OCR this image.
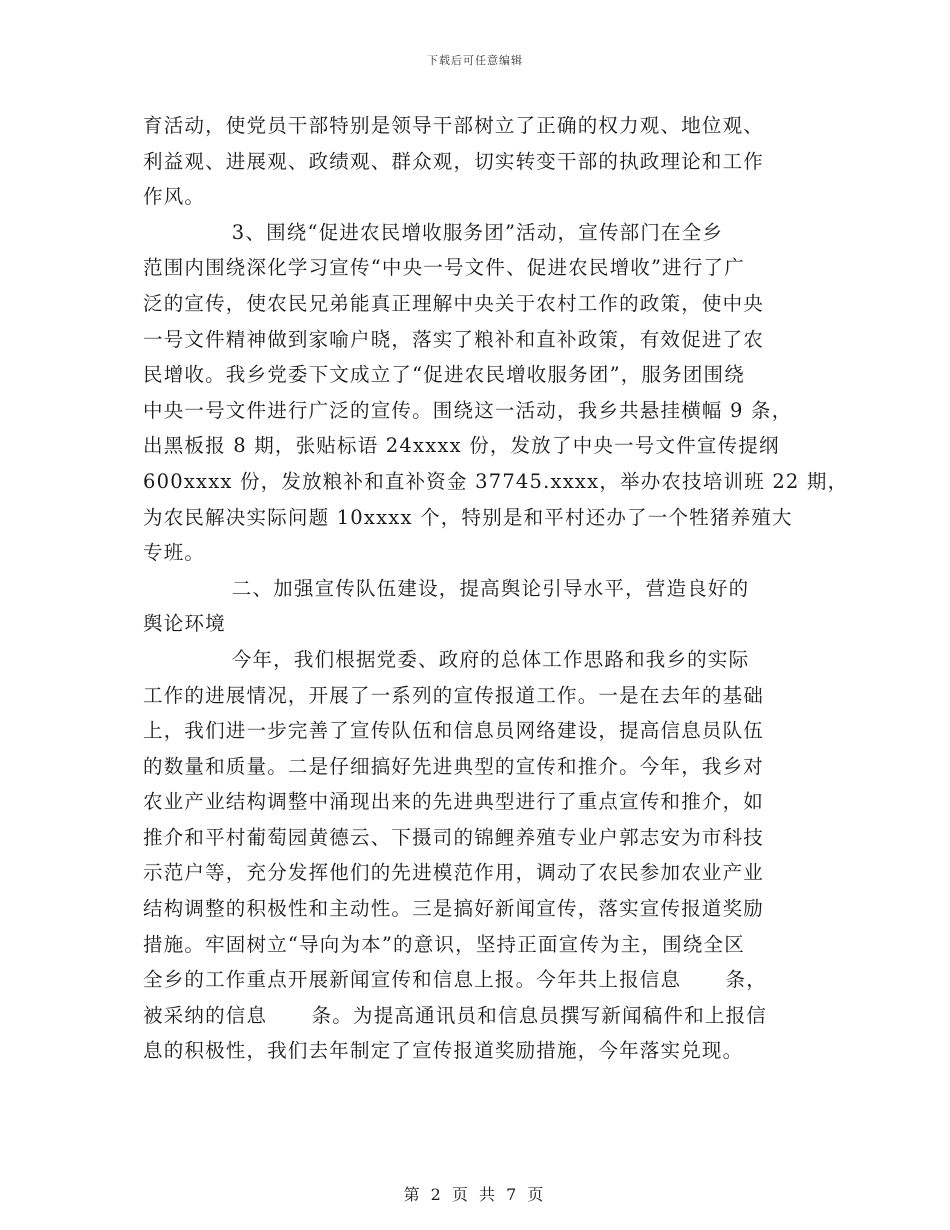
下载后可任意编辑
育活动，使党员干部特别是领导干部树立了正确的权力观、地位观、
利益观、进展观、政绩观、群众观，切实转变干部的执政理论和工作
作风。
3、围绕“促进农民增收服务团”活动，宣传部门在全乡
范围内围绕深化学习宣传“中央一号文件、促进农民增收”进行了广
泛的宣传，使农民兄弟能真正理解中央关于农村工作的政策，使中央
一号文件精神做到家喻户晓，落实了粮补和直补政策，有效促进了农
民增收。我乡党委下文成立了“促进农民增收服务团”，服务团围绕
中央一号文件进行广泛的宣传。围绕这一活动，我乡共悬挂横幅 9 条，
出黑板报 8 期，张贴标语 24xxxx 份，发放了中央一号文件宣传提纲
600xxxx 份，发放粮补和直补资金 37745.xxxx，举办农技培训班 22 期，
为农民解决实际问题 10xxxx 个，特别是和平村还办了一个牲猪养殖大
专班。
二、加强宣传队伍建设，提高舆论引导水平，营造良好的
舆论环境
今年，我们根据党委、政府的总体工作思路和我乡的实际
工作的进展情况，开展了一系列的宣传报道工作。一是在去年的基础
上，我们进一步完善了宣传队伍和信息员网络建设，提高信息员队伍
的数量和质量。二是仔细搞好先进典型的宣传和推介。今年，我乡对
农业产业结构调整中涌现出来的先进典型进行了重点宣传和推介，如
推介和平村葡萄园黄德云、下摄司的锦鲤养殖专业户郭志安为市科技
示范户等，充分发挥他们的先进模范作用，调动了农民参加农业产业
结构调整的积极性和主动性。三是搞好新闻宣传，落实宣传报道奖励
措施。牢固树立“导向为本”的意识，坚持正面宣传为主，围绕全区
全乡的工作重点开展新闻宣传和信息上报。今年共上报信息      条，
被采纳的信息      条。为提高通讯员和信息员撰写新闻稿件和上报信
息的积极性，我们去年制定了宣传报道奖励措施，今年落实兑现。
第 2 页 共 7 页
